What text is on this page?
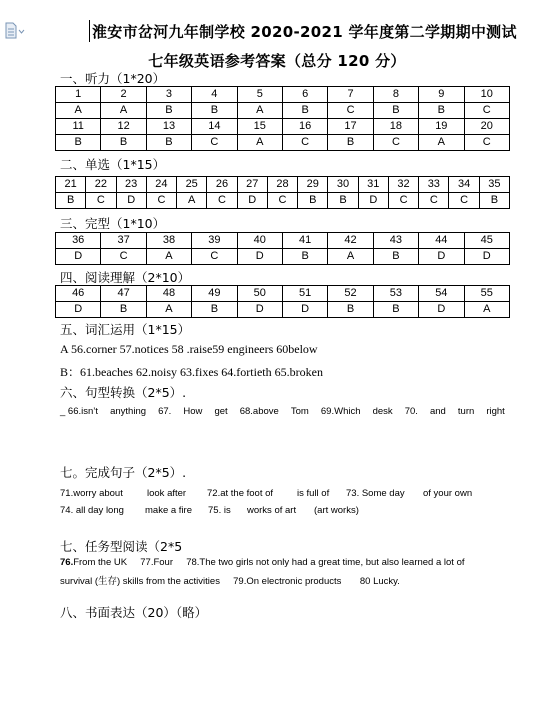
淮安市岔河九年制学校 2020-2021 学年度第二学期期中测试
七年级英语参考答案（总分 120 分）
一、听力（1*20）
1	2	3	4	5	6	7	8	9	10
A	A	B	B	A	B	C	B	B	C
11	12	13	14	15	16	17	18	19	20
B	B	B	C	A	C	B	C	A	C
二、单选（1*15）
21	22	23	24	25	26	27	28	29	30	31	32	33	34	35
B	C	D	C	A	C	D	C	B	B	D	C	C	C	B
三、完型（1*10）
36	37	38	39	40	41	42	43	44	45
D	C	A	C	D	B	A	B	D	D
四、阅读理解（2*10）
46	47	48	49	50	51	52	53	54	55
D	B	A	B	D	D	B	B	D	A
五、词汇运用（1*15）
A 56.corner 57.notices 58 .raise59 engineers 60below
B：61.beaches 62.noisy 63.fixes 64.fortieth 65.broken
六、句型转换（2*5）.
_ 66.isn’t anything 67. How get 68.above Tom 69.Which desk 70. and turn right
七。完成句子（2*5）.
71.worry about	look after 72.at the foot of	is full of 73. Some day of your own
74. all day long make a fire 75. is works of art (art works)
七、任务型阅读（2*5
76.From the UK     77.Four     78.The two girls not only had a great time, but also learned a lot of
survival (生存) skills from the activities     79.On electronic products       80 Lucky.
八、书面表达（20）（略）
